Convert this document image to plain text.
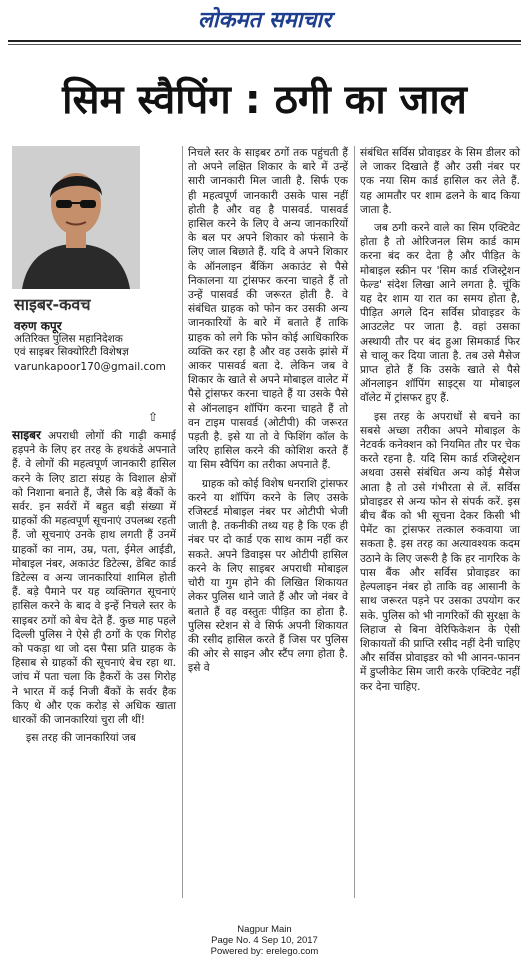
लोकमत समाचार
सिम स्वैपिंग : ठगी का जाल
साइबर-कवच
वरुण कपूर
अतिरिक्त पुलिस महानिदेशक
एवं साइबर सिक्योरिटी विशेषज्ञ
varunkapoor170@gmail.com
⇧

साइबर अपराधी लोगों की गाढ़ी कमाई हड़पने के लिए हर तरह के हथकंडे अपनाते हैं. वे लोगों की महत्वपूर्ण जानकारी हासिल करने के लिए डाटा संग्रह के विशाल क्षेत्रों को निशाना बनाते हैं, जैसे कि बड़े बैंकों के सर्वर. इन सर्वरों में बहुत बड़ी संख्या में ग्राहकों की महत्वपूर्ण सूचनाएं उपलब्ध रहती हैं. जो सूचनाएं उनके हाथ लगती हैं उनमें ग्राहकों का नाम, उम्र, पता, ईमेल आईडी, मोबाइल नंबर, अकाउंट डिटेल्स, डेबिट कार्ड डिटेल्स व अन्य जानकारियां शामिल होती हैं. बड़े पैमाने पर यह व्यक्तिगत सूचनाएं हासिल करने के बाद वे इन्हें निचले स्तर के साइबर ठगों को बेच देते हैं. कुछ माह पहले दिल्ली पुलिस ने ऐसे ही ठगों के एक गिरोह को पकड़ा था जो दस पैसा प्रति ग्राहक के हिसाब से ग्राहकों की सूचनाएं बेच रहा था. जांच में पता चला कि हैकरों के उस गिरोह ने भारत में कई निजी बैंकों के सर्वर हैक किए थे और एक करोड़ से अधिक खाता धारकों की जानकारियां चुरा ली थीं!

इस तरह की जानकारियां जब

निचले स्तर के साइबर ठगों तक पहुंचती हैं तो अपने लक्षित शिकार के बारे में उन्हें सारी जानकारी मिल जाती है. सिर्फ एक ही महत्वपूर्ण जानकारी उसके पास नहीं होती है और वह है पासवर्ड. पासवर्ड हासिल करने के लिए वे अन्य जानकारियों के बल पर अपने शिकार को फंसाने के लिए जाल बिछाते हैं. यदि वे अपने शिकार के ऑनलाइन बैंकिंग अकाउंट से पैसे निकालना या ट्रांसफर करना चाहते हैं तो उन्हें पासवर्ड की जरूरत होती है. वे संबंधित ग्राहक को फोन कर उसकी अन्य जानकारियों के बारे में बताते हैं ताकि ग्राहक को लगे कि फोन कोई आधिकारिक व्यक्ति कर रहा है और वह उसके झांसे में आकर पासवर्ड बता दे. लेकिन जब वे शिकार के खाते से अपने मोबाइल वालेट में पैसे ट्रांसफर करना चाहते हैं या उसके पैसे से ऑनलाइन शॉपिंग करना चाहते हैं तो वन टाइम पासवर्ड (ओटीपी) की जरूरत पड़ती है. इसे या तो वे फिशिंग कॉल के जरिए हासिल करने की कोशिश करते हैं या सिम स्वैपिंग का तरीका अपनाते हैं.

ग्राहक को कोई विशेष धनराशि ट्रांसफर करने या शॉपिंग करने के लिए उसके रजिस्टर्ड मोबाइल नंबर पर ओटीपी भेजी जाती है. तकनीकी तथ्य यह है कि एक ही नंबर पर दो कार्ड एक साथ काम नहीं कर सकते. अपने डिवाइस पर ओटीपी हासिल करने के लिए साइबर अपराधी मोबाइल चोरी या गुम होने की लिखित शिकायत लेकर पुलिस थाने जाते हैं और जो नंबर वे बताते हैं वह वस्तुतः पीड़ित का होता है. पुलिस स्टेशन से वे सिर्फ अपनी शिकायत की रसीद हासिल करते हैं जिस पर पुलिस की ओर से साइन और स्टैंप लगा होता है. इसे वे

संबंधित सर्विस प्रोवाइडर के सिम डीलर को ले जाकर दिखाते हैं और उसी नंबर पर एक नया सिम कार्ड हासिल कर लेते हैं. यह आमतौर पर शाम ढलने के बाद किया जाता है.

जब ठगी करने वाले का सिम एक्टिवेट होता है तो ओरिजनल सिम कार्ड काम करना बंद कर देता है और पीड़ित के मोबाइल स्क्रीन पर 'सिम कार्ड रजिस्ट्रेशन फेल्ड' संदेश लिखा आने लगता है. चूंकि यह देर शाम या रात का समय होता है, पीड़ित अगले दिन सर्विस प्रोवाइडर के आउटलेट पर जाता है. वहां उसका अस्थायी तौर पर बंद हुआ सिमकार्ड फिर से चालू कर दिया जाता है. तब उसे मैसेज प्राप्त होते हैं कि उसके खाते से पैसे ऑनलाइन शॉपिंग साइट्स या मोबाइल वॉलेट में ट्रांसफर हुए हैं.

इस तरह के अपराधों से बचने का सबसे अच्छा तरीका अपने मोबाइल के नेटवर्क कनेक्शन को नियमित तौर पर चेक करते रहना है. यदि सिम कार्ड रजिस्ट्रेशन अथवा उससे संबंधित अन्य कोई मैसेज आता है तो उसे गंभीरता से लें. सर्विस प्रोवाइडर से अन्य फोन से संपर्क करें. इस बीच बैंक को भी सूचना देकर किसी भी पेमेंट का ट्रांसफर तत्काल रुकवाया जा सकता है. इस तरह का अत्यावश्यक कदम उठाने के लिए जरूरी है कि हर नागरिक के पास बैंक और सर्विस प्रोवाइडर का हेल्पलाइन नंबर हो ताकि वह आसानी के साथ जरूरत पड़ने पर उसका उपयोग कर सके. पुलिस को भी नागरिकों की सुरक्षा के लिहाज से बिना वेरिफिकेशन के ऐसी शिकायतों की प्राप्ति रसीद नहीं देनी चाहिए और सर्विस प्रोवाइडर को भी आनन-फानन में डुप्लीकेट सिम जारी करके एक्टिवेट नहीं कर देना चाहिए.

Nagpur Main
Page No. 4 Sep 10, 2017
Powered by: erelego.com
